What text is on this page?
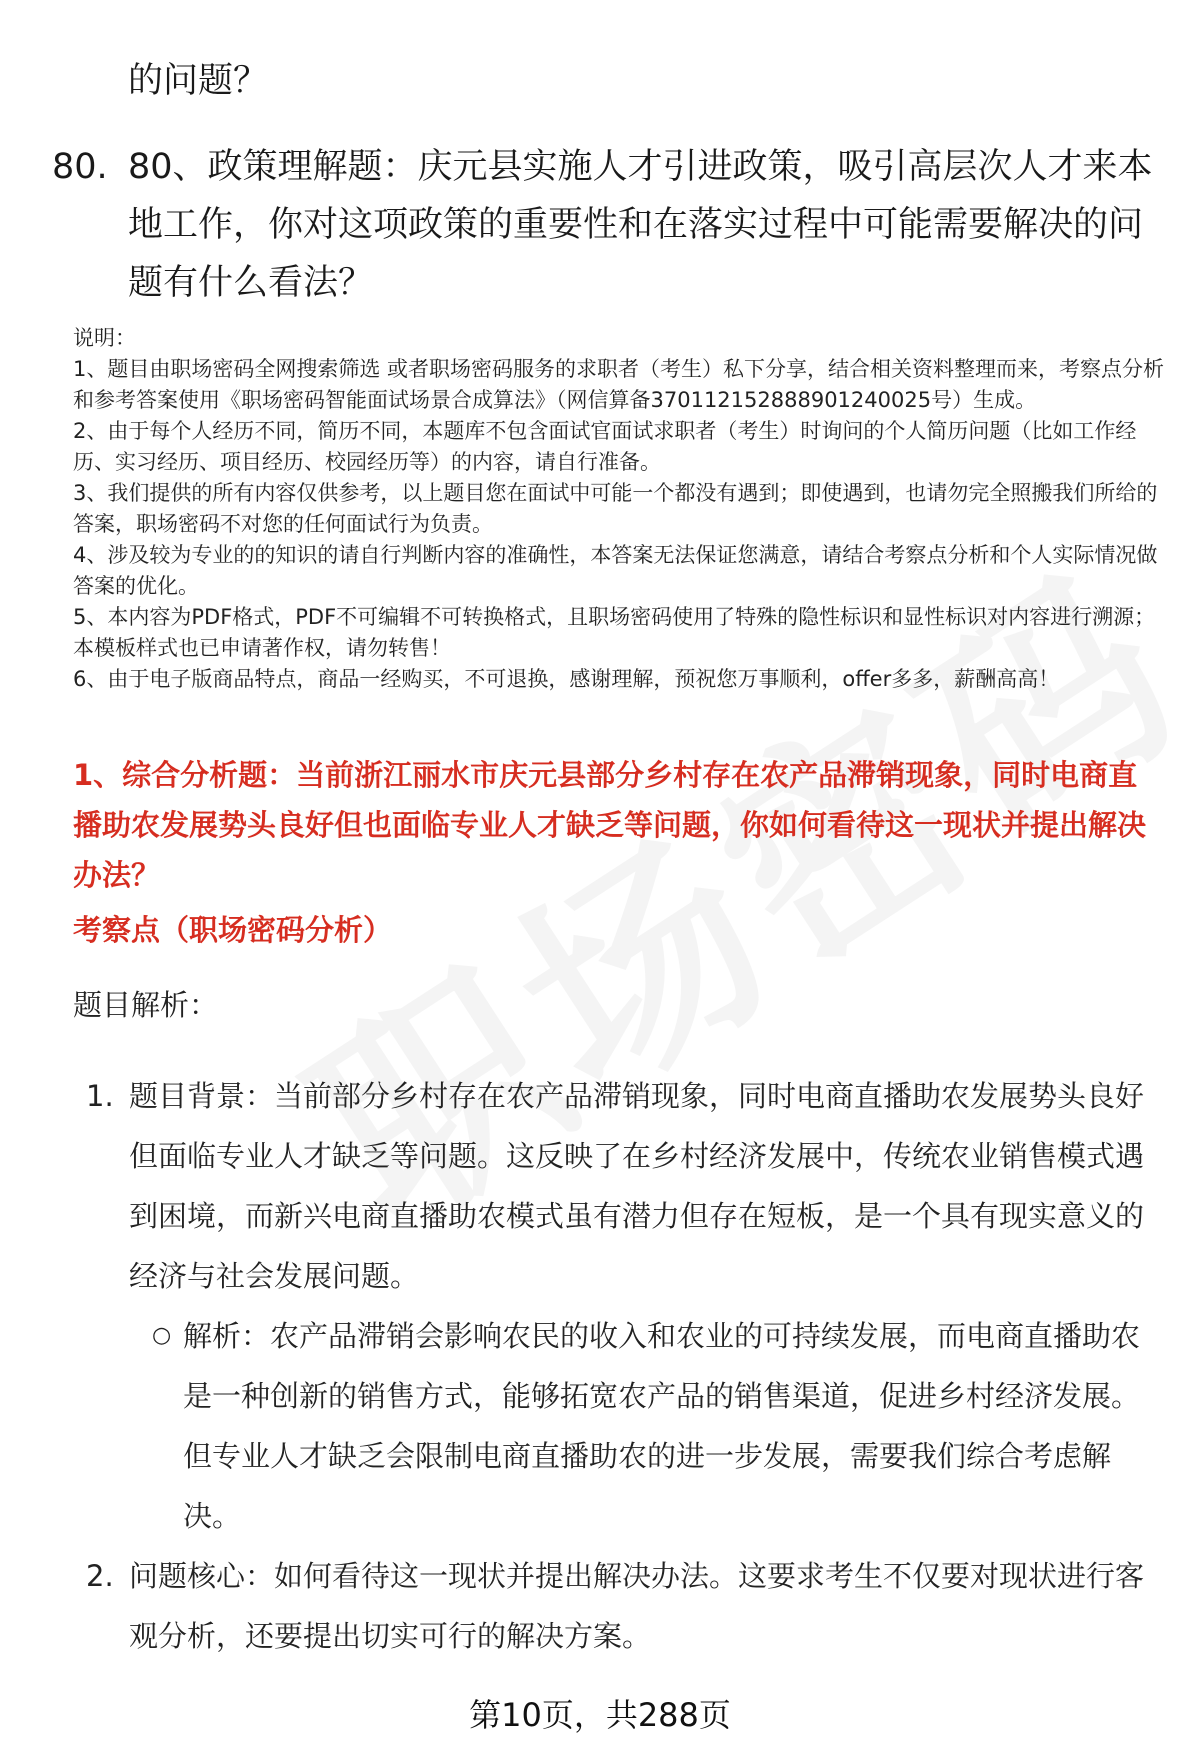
的问题？
80. 80、政策理解题：庆元县实施人才引进政策，吸引高层次人才来本地工作，你对这项政策的重要性和在落实过程中可能需要解决的问题有什么看法？

说明：

1、题目由职场密码全网搜索筛选 或者职场密码服务的求职者（考生）私下分享，结合相关资料整理而来，考察点分析和参考答案使用《职场密码智能面试场景合成算法》（网信算备370112152888901240025号）生成。

2、由于每个人经历不同，简历不同，本题库不包含面试官面试求职者（考生）时询问的个人简历问题（比如工作经历、实习经历、项目经历、校园经历等）的内容，请自行准备。

3、我们提供的所有内容仅供参考，以上题目您在面试中可能一个都没有遇到；即使遇到，也请勿完全照搬我们所给的答案，职场密码不对您的任何面试行为负责。

4、涉及较为专业的的知识的请自行判断内容的准确性，本答案无法保证您满意，请结合考察点分析和个人实际情况做答案的优化。

5、本内容为PDF格式，PDF不可编辑不可转换格式，且职场密码使用了特殊的隐性标识和显性标识对内容进行溯源；本模板样式也已申请著作权，请勿转售！

6、由于电子版商品特点，商品一经购买，不可退换，感谢理解，预祝您万事顺利，offer多多，薪酬高高！

1、综合分析题：当前浙江丽水市庆元县部分乡村存在农产品滞销现象，同时电商直播助农发展势头良好但也面临专业人才缺乏等问题，你如何看待这一现状并提出解决办法？
考察点（职场密码分析）
题目解析：
1. 题目背景：当前部分乡村存在农产品滞销现象，同时电商直播助农发展势头良好但面临专业人才缺乏等问题。这反映了在乡村经济发展中，传统农业销售模式遇到困境，而新兴电商直播助农模式虽有潜力但存在短板，是一个具有现实意义的经济与社会发展问题。
○ 解析：农产品滞销会影响农民的收入和农业的可持续发展，而电商直播助农是一种创新的销售方式，能够拓宽农产品的销售渠道，促进乡村经济发展。但专业人才缺乏会限制电商直播助农的进一步发展，需要我们综合考虑解决。
2. 问题核心：如何看待这一现状并提出解决办法。这要求考生不仅要对现状进行客观分析，还要提出切实可行的解决方案。
第10页，共288页
